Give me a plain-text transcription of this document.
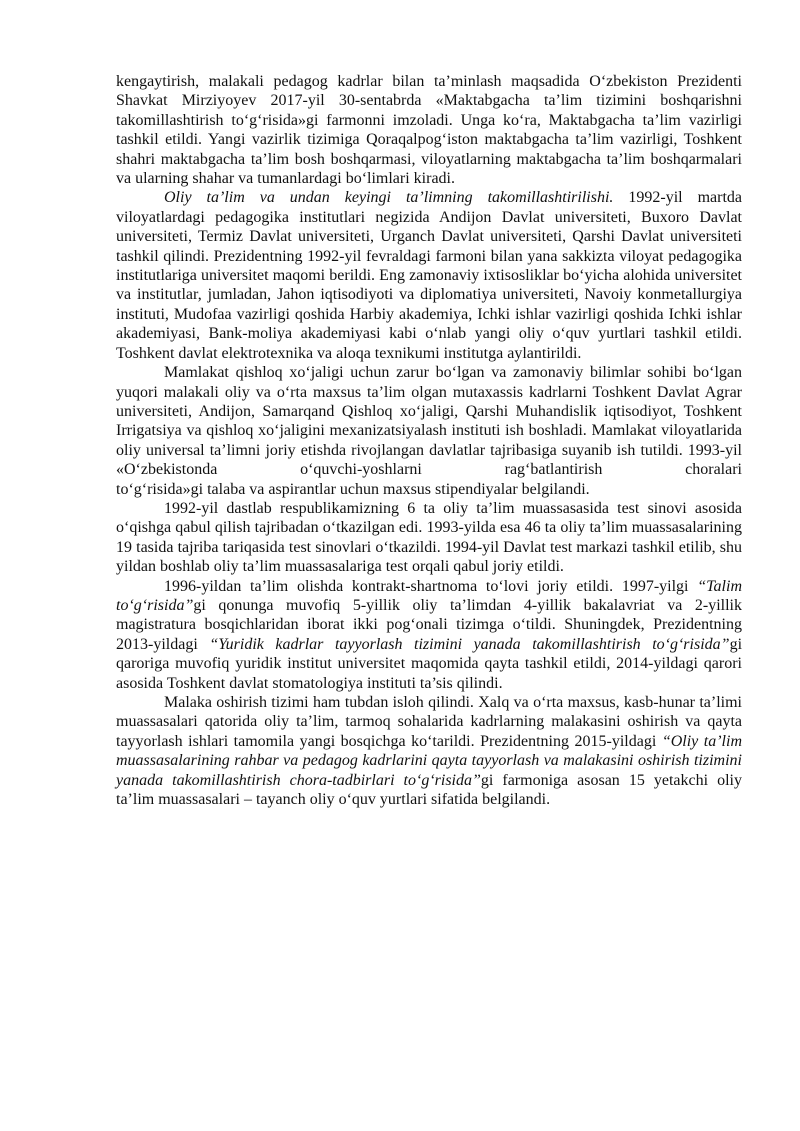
kengaytirish, malakali pedagog kadrlar bilan ta’minlash maqsadida O‘zbekiston Prezidenti Shavkat Mirziyoyev 2017-yil 30-sentabrda «Maktabgacha ta’lim tizimini boshqarishni takomillashtirish to‘g‘risida»gi farmonni imzoladi. Unga ko‘ra, Maktabgacha ta’lim vazirligi tashkil etildi. Yangi vazirlik tizimiga Qoraqalpog‘iston maktabgacha ta’lim vazirligi, Toshkent shahri maktabgacha ta’lim bosh boshqarmasi, viloyatlarning maktabgacha ta’lim boshqarmalari va ularning shahar va tumanlardagi bo‘limlari kiradi.

Oliy ta’lim va undan keyingi ta’limning takomillashtirilishi. 1992-yil martda viloyatlardagi pedagogika institutlari negizida Andijon Davlat universiteti, Buxoro Davlat universiteti, Termiz Davlat universiteti, Urganch Davlat universiteti, Qarshi Davlat universiteti tashkil qilindi. Prezidentning 1992-yil fevraldagi farmoni bilan yana sakkizta viloyat pedagogika institutlariga universitet maqomi berildi. Eng zamonaviy ixtisosliklar bo‘yicha alohida universitet va institutlar, jumladan, Jahon iqtisodiyoti va diplomatiya universiteti, Navoiy konmetallurgiya instituti, Mudofaa vazirligi qoshida Harbiy akademiya, Ichki ishlar vazirligi qoshida Ichki ishlar akademiyasi, Bank-moliya akademiyasi kabi o‘nlab yangi oliy o‘quv yurtlari tashkil etildi. Toshkent davlat elektrotexnika va aloqa texnikumi institutga aylantirildi.

Mamlakat qishloq xo‘jaligi uchun zarur bo‘lgan va zamonaviy bilimlar sohibi bo‘lgan yuqori malakali oliy va o‘rta maxsus ta’lim olgan mutaxassis kadrlarni Toshkent Davlat Agrar universiteti, Andijon, Samarqand Qishloq xo‘jaligi, Qarshi Muhandislik iqtisodiyot, Toshkent Irrigatsiya va qishloq xo‘jaligini mexanizatsiyalash instituti ish boshladi. Mamlakat viloyatlarida oliy universal ta’limni joriy etishda rivojlangan davlatlar tajribasiga suyanib ish tutildi. 1993-yil «O‘zbekistonda o‘quvchi-yoshlarni rag‘batlantirish choralari

to‘g‘risida»gi talaba va aspirantlar uchun maxsus stipendiyalar belgilandi.

1992-yil dastlab respublikamizning 6 ta oliy ta’lim muassasasida test sinovi asosida o‘qishga qabul qilish tajribadan o‘tkazilgan edi. 1993-yilda esa 46 ta oliy ta’lim muassasalarining 19 tasida tajriba tariqasida test sinovlari o‘tkazildi. 1994-yil Davlat test markazi tashkil etilib, shu yildan boshlab oliy ta’lim muassasalariga test orqali qabul joriy etildi.

1996-yildan ta’lim olishda kontrakt-shartnoma to‘lovi joriy etildi. 1997-yilgi “Talim to‘g‘risida”gi qonunga muvofiq 5-yillik oliy ta’limdan 4-yillik bakalavriat va 2-yillik magistratura bosqichlaridan iborat ikki pog‘onali tizimga o‘tildi. Shuningdek, Prezidentning 2013-yildagi “Yuridik kadrlar tayyorlash tizimini yanada takomillashtirish to‘g‘risida”gi qaroriga muvofiq yuridik institut universitet maqomida qayta tashkil etildi, 2014-yildagi qarori asosida Toshkent davlat stomatologiya instituti ta’sis qilindi.

Malaka oshirish tizimi ham tubdan isloh qilindi. Xalq va o‘rta maxsus, kasb-hunar ta’limi muassasalari qatorida oliy ta’lim, tarmoq sohalarida kadrlarning malakasini oshirish va qayta tayyorlash ishlari tamomila yangi bosqichga ko‘tarildi. Prezidentning 2015-yildagi “Oliy ta’lim muassasalarining rahbar va pedagog kadrlarini qayta tayyorlash va malakasini oshirish tizimini yanada takomillashtirish chora-tadbirlari to‘g‘risida”gi farmoniga asosan 15 yetakchi oliy ta’lim muassasalari – tayanch oliy o‘quv yurtlari sifatida belgilandi.
